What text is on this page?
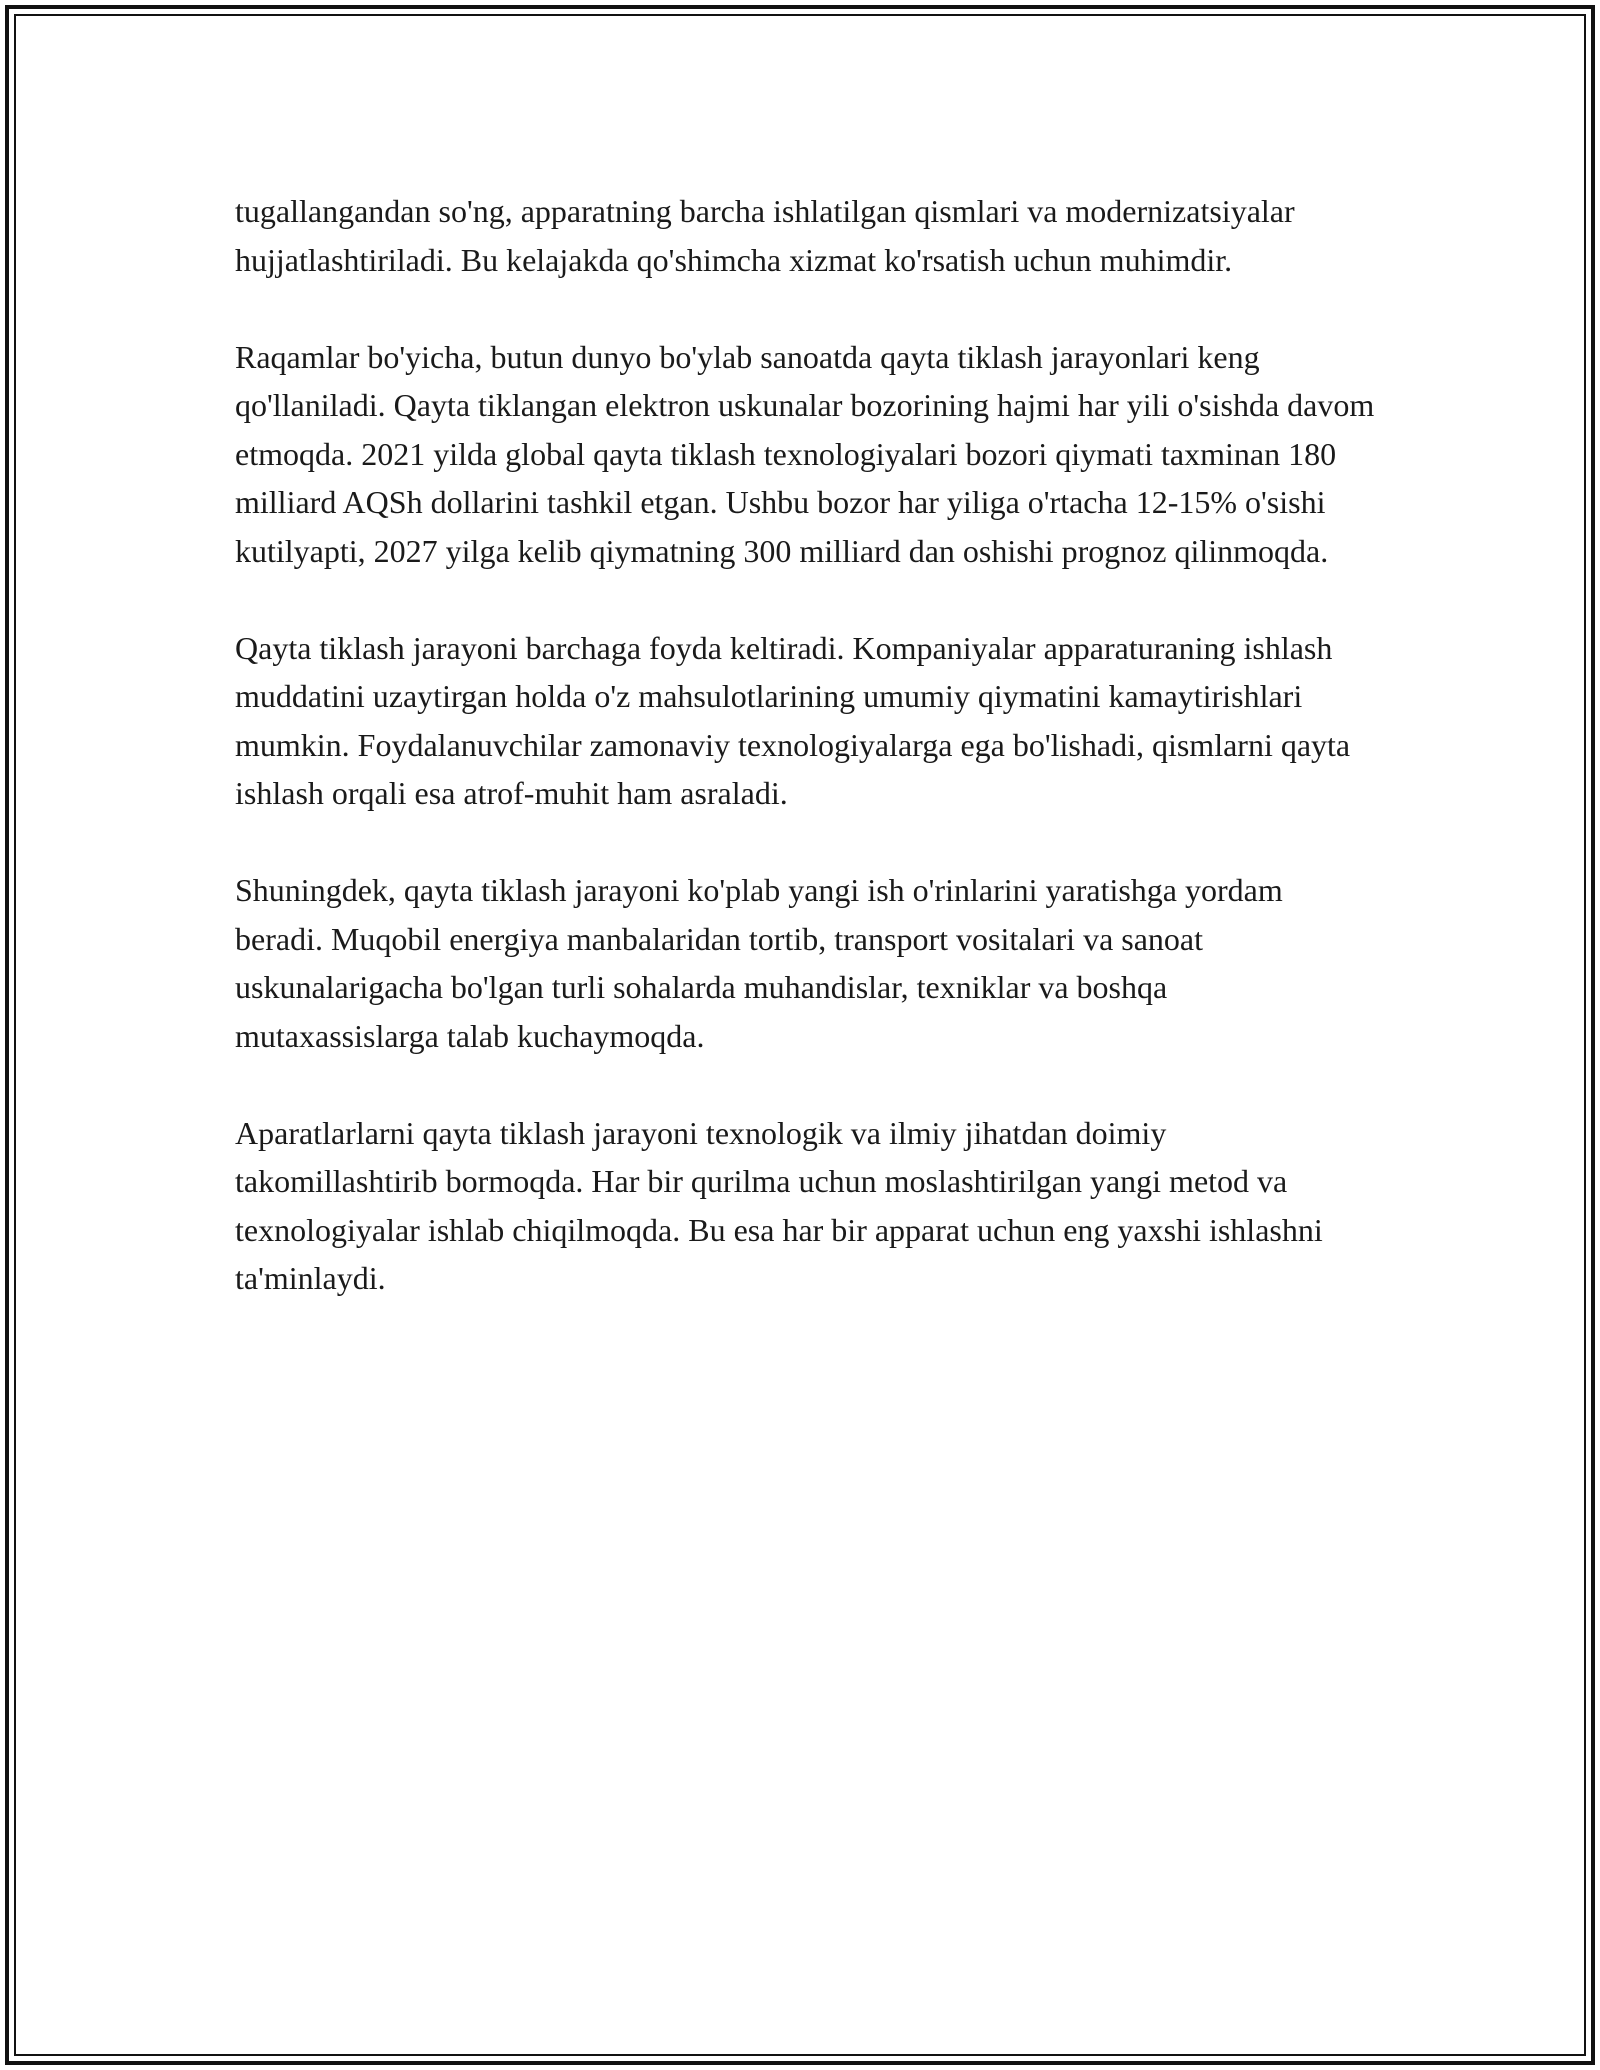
tugallangandan so'ng, apparatning barcha ishlatilgan qismlari va modernizatsiyalar hujjatlashtiriladi. Bu kelajakda qo'shimcha xizmat ko'rsatish uchun muhimdir.

Raqamlar bo'yicha, butun dunyo bo'ylab sanoatda qayta tiklash jarayonlari keng qo'llaniladi. Qayta tiklangan elektron uskunalar bozorining hajmi har yili o'sishda davom etmoqda. 2021 yilda global qayta tiklash texnologiyalari bozori qiymati taxminan 180 milliard AQSh dollarini tashkil etgan. Ushbu bozor har yiliga o'rtacha 12-15% o'sishi kutilyapti, 2027 yilga kelib qiymatning 300 milliard dan oshishi prognoz qilinmoqda.

Qayta tiklash jarayoni barchaga foyda keltiradi. Kompaniyalar apparaturaning ishlash muddatini uzaytirgan holda o'z mahsulotlarining umumiy qiymatini kamaytirishlari mumkin. Foydalanuvchilar zamonaviy texnologiyalarga ega bo'lishadi, qismlarni qayta ishlash orqali esa atrof-muhit ham asraladi.

Shuningdek, qayta tiklash jarayoni ko'plab yangi ish o'rinlarini yaratishga yordam beradi. Muqobil energiya manbalaridan tortib, transport vositalari va sanoat uskunalarigacha bo'lgan turli sohalarda muhandislar, texniklar va boshqa mutaxassislarga talab kuchaymoqda.

Aparatlarlarni qayta tiklash jarayoni texnologik va ilmiy jihatdan doimiy takomillashtirib bormoqda. Har bir qurilma uchun moslashtirilgan yangi metod va texnologiyalar ishlab chiqilmoqda. Bu esa har bir apparat uchun eng yaxshi ishlashni ta'minlaydi.
